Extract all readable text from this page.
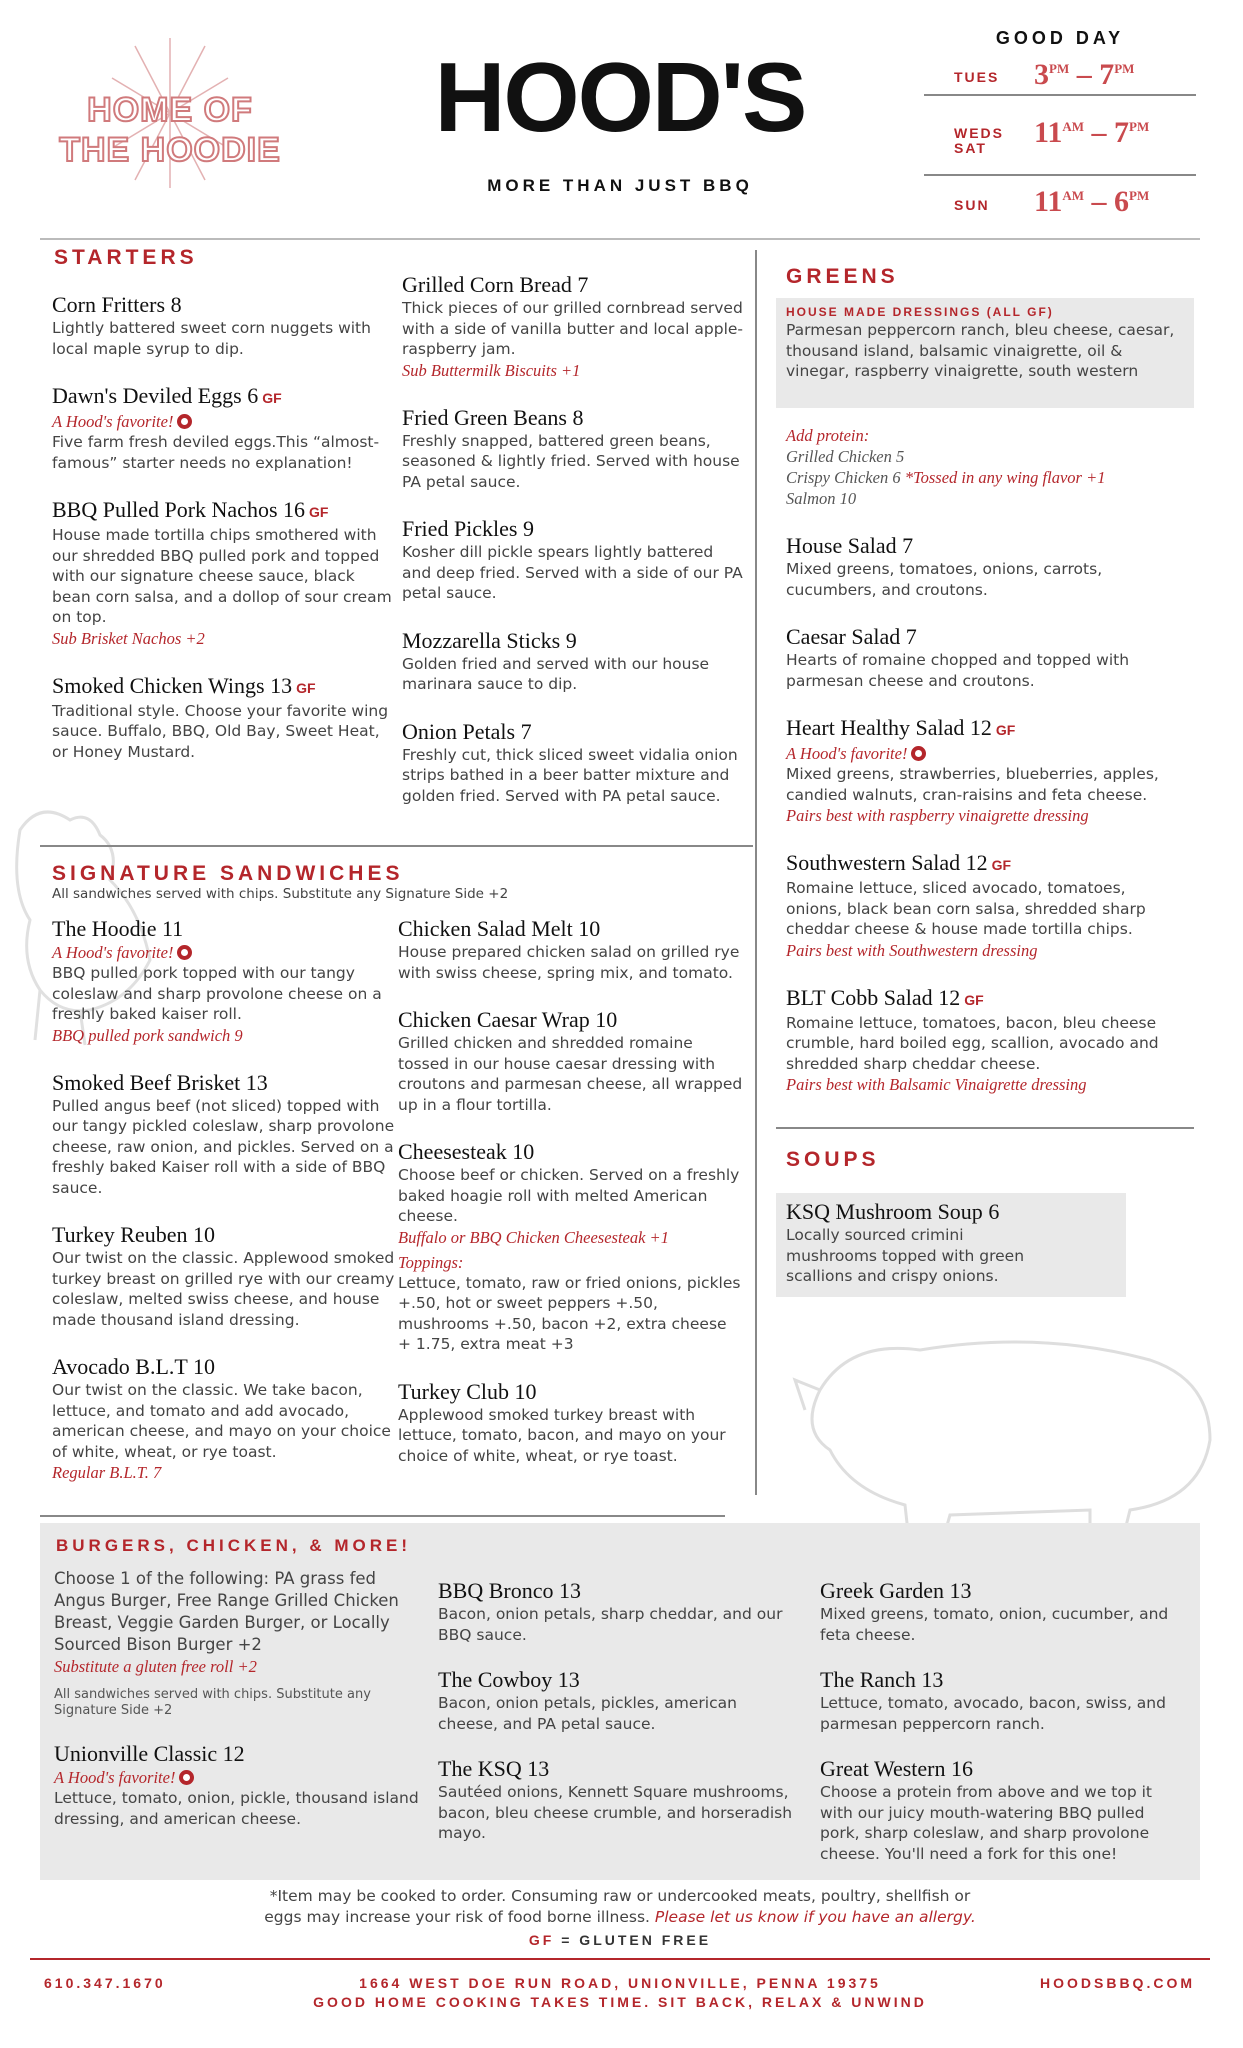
HOME OF
THE HOODIE	HOOD'S
MORE THAN JUST BBQ
GOOD DAY
TUES $3^{PM} - 7^{PM}$
WEDS
SAT	$11^{AM} - 7^{PM}$
SUN $11^{AM} - 6^{PM}$
STARTERS
Corn Fritters 8
Lightly battered sweet corn nuggets with local maple syrup to dip.
Dawn's Deviled Eggs 6 GF
A Hood's favorite!
Five farm fresh deviled eggs.This “almost-famous” starter needs no explanation!
BBQ Pulled Pork Nachos 16 GF
House made tortilla chips smothered with our shredded BBQ pulled pork and topped with our signature cheese sauce, black bean corn salsa, and a dollop of sour cream on top.
Sub Brisket Nachos +2
Smoked Chicken Wings 13 GF
Traditional style. Choose your favorite wing sauce. Buffalo, BBQ, Old Bay, Sweet Heat, or Honey Mustard.
Grilled Corn Bread 7
Thick pieces of our grilled cornbread served with a side of vanilla butter and local apple-raspberry jam.
Sub Buttermilk Biscuits +1
Fried Green Beans 8
Freshly snapped, battered green beans, seasoned & lightly fried. Served with house PA petal sauce.
Fried Pickles 9
Kosher dill pickle spears lightly battered and deep fried. Served with a side of our PA petal sauce.
Mozzarella Sticks 9
Golden fried and served with our house marinara sauce to dip.
Onion Petals 7
Freshly cut, thick sliced sweet vidalia onion strips bathed in a beer batter mixture and golden fried. Served with PA petal sauce.
SIGNATURE SANDWICHES
All sandwiches served with chips. Substitute any Signature Side +2
The Hoodie 11
A Hood's favorite!
BBQ pulled pork topped with our tangy coleslaw and sharp provolone cheese on a freshly baked kaiser roll.
BBQ pulled pork sandwich 9
Smoked Beef Brisket 13
Pulled angus beef (not sliced) topped with our tangy pickled coleslaw, sharp provolone cheese, raw onion, and pickles. Served on a freshly baked Kaiser roll with a side of BBQ sauce.
Turkey Reuben 10
Our twist on the classic. Applewood smoked turkey breast on grilled rye with our creamy coleslaw, melted swiss cheese, and house made thousand island dressing.
Avocado B.L.T 10
Our twist on the classic. We take bacon, lettuce, and tomato and add avocado, american cheese, and mayo on your choice of white, wheat, or rye toast.
Regular B.L.T. 7
Chicken Salad Melt 10
House prepared chicken salad on grilled rye with swiss cheese, spring mix, and tomato.
Chicken Caesar Wrap 10
Grilled chicken and shredded romaine tossed in our house caesar dressing with croutons and parmesan cheese, all wrapped up in a flour tortilla.
Cheesesteak 10
Choose beef or chicken. Served on a freshly baked hoagie roll with melted American cheese.
Buffalo or BBQ Chicken Cheesesteak +1
Toppings:
Lettuce, tomato, raw or fried onions, pickles +.50, hot or sweet peppers +.50, mushrooms +.50, bacon +2, extra cheese + 1.75, extra meat +3
Turkey Club 10
Applewood smoked turkey breast with lettuce, tomato, bacon, and mayo on your choice of white, wheat, or rye toast.
GREENS
HOUSE MADE DRESSINGS (ALL GF)
Parmesan peppercorn ranch, bleu cheese, caesar, thousand island, balsamic vinaigrette, oil & vinegar, raspberry vinaigrette, south western
Add protein:
Grilled Chicken 5
Crispy Chicken 6 *Tossed in any wing flavor +1
Salmon 10
House Salad 7
Mixed greens, tomatoes, onions, carrots, cucumbers, and croutons.
Caesar Salad 7
Hearts of romaine chopped and topped with parmesan cheese and croutons.
Heart Healthy Salad 12 GF
A Hood's favorite!
Mixed greens, strawberries, blueberries, apples, candied walnuts, cran-raisins and feta cheese.
Pairs best with raspberry vinaigrette dressing
Southwestern Salad 12 GF
Romaine lettuce, sliced avocado, tomatoes, onions, black bean corn salsa, shredded sharp cheddar cheese & house made tortilla chips.
Pairs best with Southwestern dressing
BLT Cobb Salad 12 GF
Romaine lettuce, tomatoes, bacon, bleu cheese crumble, hard boiled egg, scallion, avocado and shredded sharp cheddar cheese.
Pairs best with Balsamic Vinaigrette dressing
SOUPS
KSQ Mushroom Soup 6
Locally sourced crimini mushrooms topped with green scallions and crispy onions.
BURGERS, CHICKEN, & MORE!
Choose 1 of the following: PA grass fed Angus Burger, Free Range Grilled Chicken Breast, Veggie Garden Burger, or Locally Sourced Bison Burger +2
Substitute a gluten free roll +2
All sandwiches served with chips. Substitute any Signature Side +2
Unionville Classic 12
A Hood's favorite!
Lettuce, tomato, onion, pickle, thousand island dressing, and american cheese.
BBQ Bronco 13
Bacon, onion petals, sharp cheddar, and our BBQ sauce.
The Cowboy 13
Bacon, onion petals, pickles, american cheese, and PA petal sauce.
The KSQ 13
Sautéed onions, Kennett Square mushrooms, bacon, bleu cheese crumble, and horseradish mayo.
Greek Garden 13
Mixed greens, tomato, onion, cucumber, and feta cheese.
The Ranch 13
Lettuce, tomato, avocado, bacon, swiss, and parmesan peppercorn ranch.
Great Western 16
Choose a protein from above and we top it with our juicy mouth-watering BBQ pulled pork, sharp coleslaw, and sharp provolone cheese. You'll need a fork for this one!
*Item may be cooked to order. Consuming raw or undercooked meats, poultry, shellfish or eggs may increase your risk of food borne illness. Please let us know if you have an allergy.
GF = GLUTEN FREE
610.347.1670	1664 WEST DOE RUN ROAD, UNIONVILLE, PENNA 19375
GOOD HOME COOKING TAKES TIME. SIT BACK, RELAX & UNWIND
HOODSBBQ.COM
